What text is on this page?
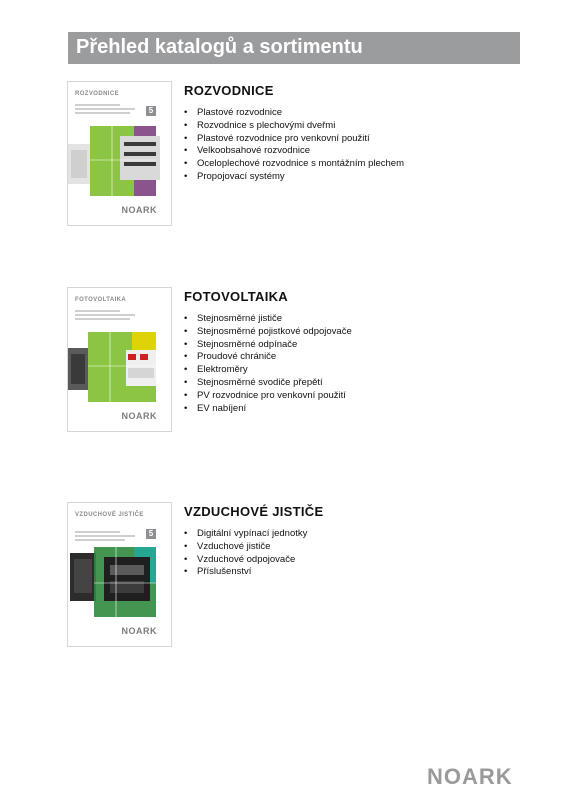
Přehled katalogů a sortimentu
ROZVODNICE
5
NOARK
ROZVODNICE
• Plastové rozvodnice
• Rozvodnice s plechovými dveřmi
• Plastové rozvodnice pro venkovní použití
• Velkoobsahové rozvodnice
• Oceloplechové rozvodnice s montážním plechem
• Propojovací systémy
FOTOVOLTAIKA
NOARK
FOTOVOLTAIKA
• Stejnosměrné jističe
• Stejnosměrné pojistkové odpojovače
• Stejnosměrné odpínače
• Proudové chrániče
• Elektroměry
• Stejnosměrné svodiče přepětí
• PV rozvodnice pro venkovní použití
• EV nabíjení
VZDUCHOVÉ JISTIČE
5
NOARK
VZDUCHOVÉ JISTIČE
• Digitální vypínací jednotky
• Vzduchové jističe
• Vzduchové odpojovače
• Příslušenství
NOARK
